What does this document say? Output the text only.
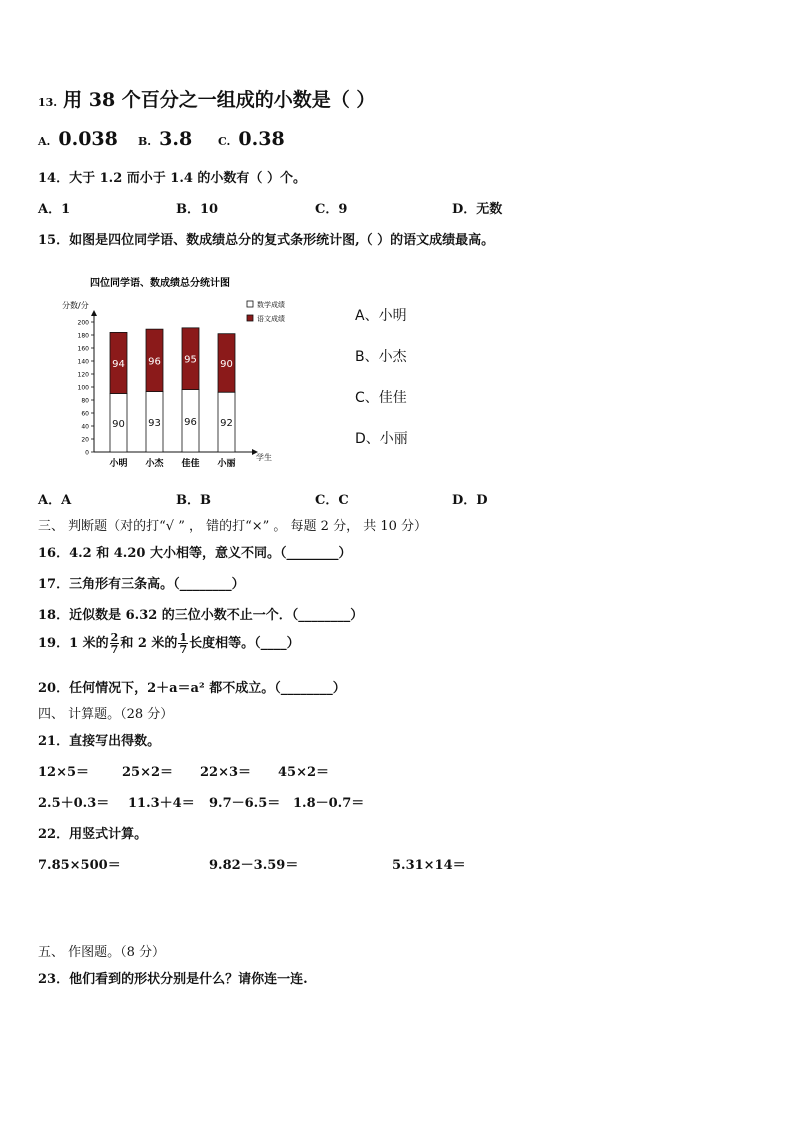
13. 用 38 个百分之一组成的小数是（ ）
A. 0.038 B. 3.8 C. 0.38
14．大于 1.2 而小于 1.4 的小数有（ ）个。
A．1	B．10	C．9	D．无数
15．如图是四位同学语、数成绩总分的复式条形统计图,（ ）的语文成绩最高。
四位同学语、数成绩总分统计图
分数/分
学生
数学成绩
语文成绩
0
20
40
60
80
100
120
140
160
180
200
90
94
小明
93
96
小杰
96
95
佳佳
92
90
小丽
A、小明
B、小杰
C、佳佳
D、小丽
A．A	B．B	C．C	D．D
三、 判断题（对的打“√ ” ， 错的打“×” 。 每题 2 分， 共 10 分）
16．4.2 和 4.20 大小相等，意义不同。（________）
17．三角形有三条高。（________）
18．近似数是 6.32 的三位小数不止一个．（________）
19．1 米的 $\frac{2}{7}$ 和 2 米的 $\frac{1}{7}$ 长度相等。（____）
20．任何情况下，2＋a＝a² 都不成立。（________）
四、 计算题。（28 分）
21．直接写出得数。
12×5＝	25×2＝ 22×3＝ 45×2＝
2.5＋0.3＝ 11.3＋4＝ 9.7－6.5＝ 1.8－0.7＝
22．用竖式计算。
7.85×500＝	9.82－3.59＝	5.31×14＝
五、 作图题。（8 分）
23．他们看到的形状分别是什么？请你连一连.
